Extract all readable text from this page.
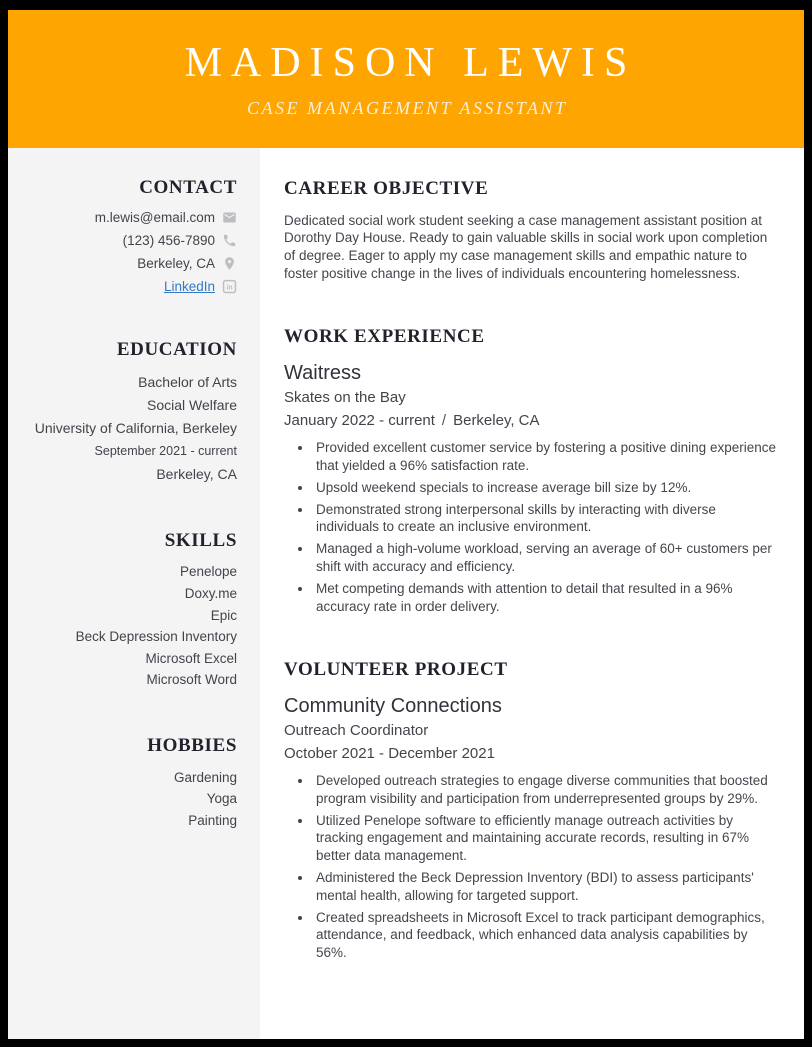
MADISON LEWIS
CASE MANAGEMENT ASSISTANT
CONTACT
m.lewis@email.com
(123) 456-7890
Berkeley, CA
LinkedIn in
EDUCATION
Bachelor of Arts
Social Welfare
University of California, Berkeley
September 2021 - current
Berkeley, CA
SKILLS
Penelope
Doxy.me
Epic
Beck Depression Inventory
Microsoft Excel
Microsoft Word
HOBBIES
Gardening
Yoga
Painting
CAREER OBJECTIVE

Dedicated social work student seeking a case management assistant position at Dorothy Day House. Ready to gain valuable skills in social work upon completion of degree. Eager to apply my case management skills and empathic nature to foster positive change in the lives of individuals encountering homelessness.

WORK EXPERIENCE
Waitress
Skates on the Bay
January 2022 - current / Berkeley, CA
• Provided excellent customer service by fostering a positive dining experience that yielded a 96% satisfaction rate.
• Upsold weekend specials to increase average bill size by 12%.
• Demonstrated strong interpersonal skills by interacting with diverse individuals to create an inclusive environment.
• Managed a high-volume workload, serving an average of 60+ customers per shift with accuracy and efficiency.
• Met competing demands with attention to detail that resulted in a 96% accuracy rate in order delivery.
VOLUNTEER PROJECT
Community Connections
Outreach Coordinator
October 2021 - December 2021
• Developed outreach strategies to engage diverse communities that boosted program visibility and participation from underrepresented groups by 29%.
• Utilized Penelope software to efficiently manage outreach activities by tracking engagement and maintaining accurate records, resulting in 67% better data management.
• Administered the Beck Depression Inventory (BDI) to assess participants' mental health, allowing for targeted support.
• Created spreadsheets in Microsoft Excel to track participant demographics, attendance, and feedback, which enhanced data analysis capabilities by 56%.
